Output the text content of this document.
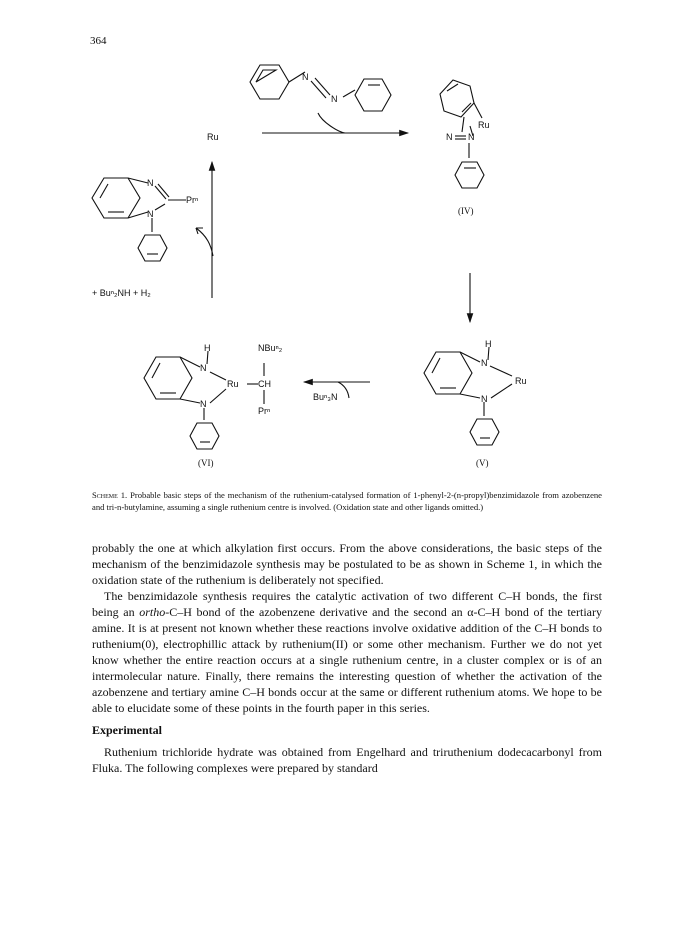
364
N
N
Ru
Ru
N N
(IV)
N
N
Prⁿ
+ Buⁿ₂NH + H₂
H
N
N
Ru
(V)
Buⁿ₃N
H
N
N
Ru
NBuⁿ₂
CH
Prⁿ
(VI)
Scheme 1. Probable basic steps of the mechanism of the ruthenium-catalysed formation of 1-phenyl-2-(n-propyl)benzimidazole from azobenzene and tri-n-butylamine, assuming a single ruthenium centre is involved. (Oxidation state and other ligands omitted.)

probably the one at which alkylation first occurs. From the above considerations, the basic steps of the mechanism of the benzimidazole synthesis may be postulated to be as shown in Scheme 1, in which the oxidation state of the ruthenium is deliberately not specified.

The benzimidazole synthesis requires the catalytic activation of two different C–H bonds, the first being an ortho-C–H bond of the azobenzene derivative and the second an α-C–H bond of the tertiary amine. It is at present not known whether these reactions involve oxidative addition of the C–H bonds to ruthenium(0), electrophillic attack by ruthenium(II) or some other mechanism. Further we do not yet know whether the entire reaction occurs at a single ruthenium centre, in a cluster complex or is of an intermolecular nature. Finally, there remains the interesting question of whether the activation of the azobenzene and tertiary amine C–H bonds occur at the same or different ruthenium atoms. We hope to be able to elucidate some of these points in the fourth paper in this series.

Experimental

Ruthenium trichloride hydrate was obtained from Engelhard and triruthenium dodecacarbonyl from Fluka. The following complexes were prepared by standard
